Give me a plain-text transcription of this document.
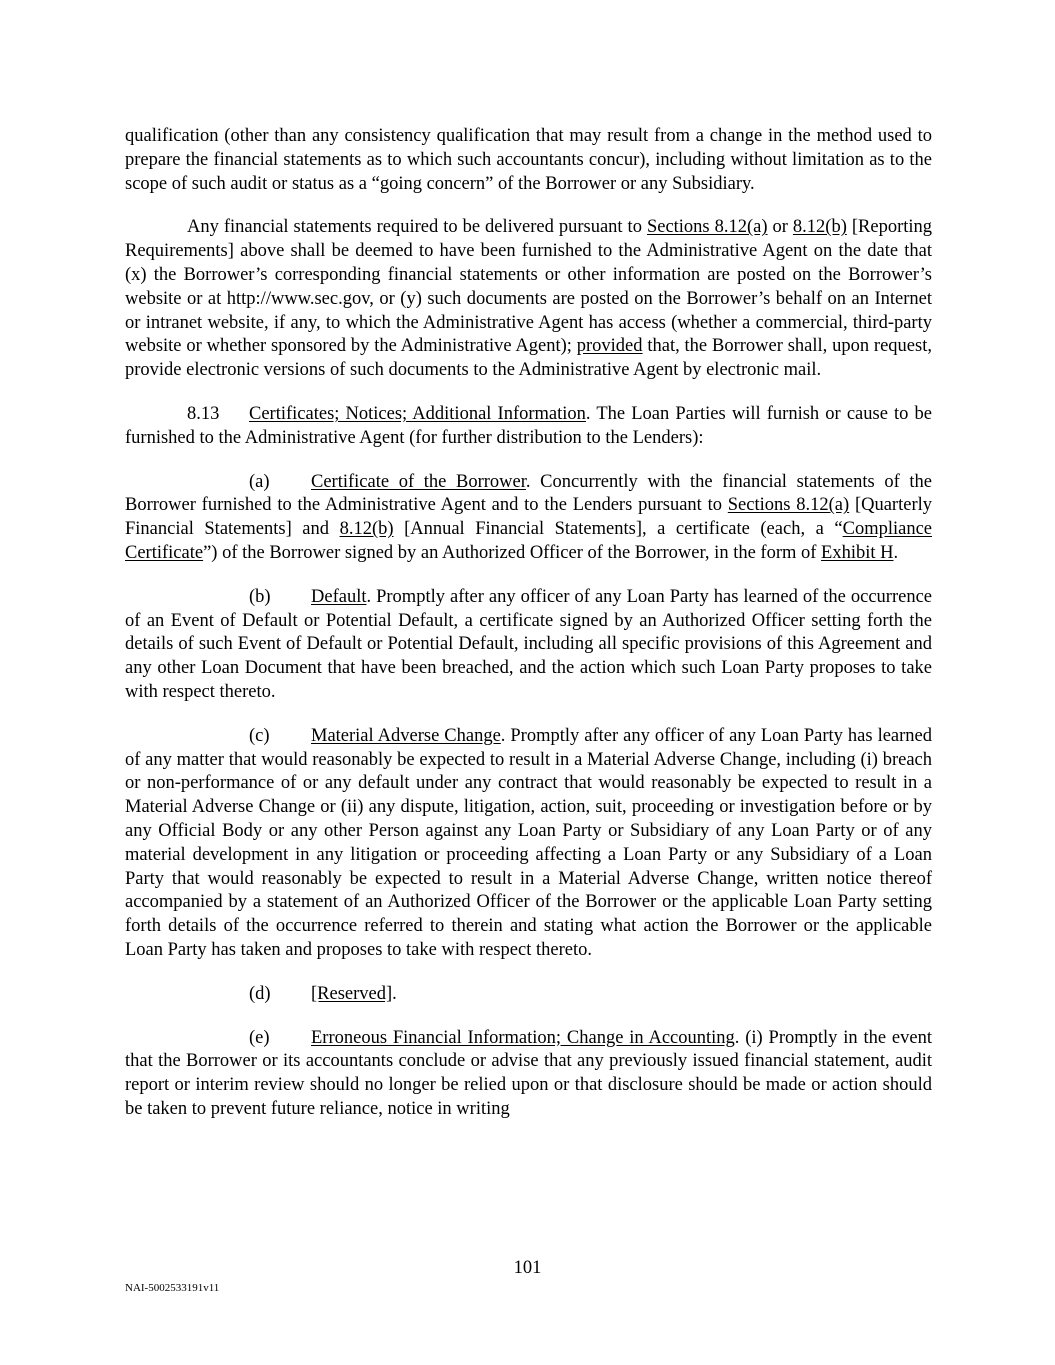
qualification (other than any consistency qualification that may result from a change in the method used to prepare the financial statements as to which such accountants concur), including without limitation as to the scope of such audit or status as a “going concern” of the Borrower or any Subsidiary.

Any financial statements required to be delivered pursuant to Sections 8.12(a) or 8.12(b) [Reporting Requirements] above shall be deemed to have been furnished to the Administrative Agent on the date that (x) the Borrower’s corresponding financial statements or other information are posted on the Borrower’s website or at http://www.sec.gov, or (y) such documents are posted on the Borrower’s behalf on an Internet or intranet website, if any, to which the Administrative Agent has access (whether a commercial, third-party website or whether sponsored by the Administrative Agent); provided that, the Borrower shall, upon request, provide electronic versions of such documents to the Administrative Agent by electronic mail.

8.13 Certificates; Notices; Additional Information. The Loan Parties will furnish or cause to be furnished to the Administrative Agent (for further distribution to the Lenders):

(a) Certificate of the Borrower. Concurrently with the financial statements of the Borrower furnished to the Administrative Agent and to the Lenders pursuant to Sections 8.12(a) [Quarterly Financial Statements] and 8.12(b) [Annual Financial Statements], a certificate (each, a “Compliance Certificate”) of the Borrower signed by an Authorized Officer of the Borrower, in the form of Exhibit H.

(b) Default. Promptly after any officer of any Loan Party has learned of the occurrence of an Event of Default or Potential Default, a certificate signed by an Authorized Officer setting forth the details of such Event of Default or Potential Default, including all specific provisions of this Agreement and any other Loan Document that have been breached, and the action which such Loan Party proposes to take with respect thereto.

(c) Material Adverse Change. Promptly after any officer of any Loan Party has learned of any matter that would reasonably be expected to result in a Material Adverse Change, including (i) breach or non-performance of or any default under any contract that would reasonably be expected to result in a Material Adverse Change or (ii) any dispute, litigation, action, suit, proceeding or investigation before or by any Official Body or any other Person against any Loan Party or Subsidiary of any Loan Party or of any material development in any litigation or proceeding affecting a Loan Party or any Subsidiary of a Loan Party that would reasonably be expected to result in a Material Adverse Change, written notice thereof accompanied by a statement of an Authorized Officer of the Borrower or the applicable Loan Party setting forth details of the occurrence referred to therein and stating what action the Borrower or the applicable Loan Party has taken and proposes to take with respect thereto.

(d) [Reserved].

(e) Erroneous Financial Information; Change in Accounting. (i) Promptly in the event that the Borrower or its accountants conclude or advise that any previously issued financial statement, audit report or interim review should no longer be relied upon or that disclosure should be made or action should be taken to prevent future reliance, notice in writing

101
NAI-5002533191v11
